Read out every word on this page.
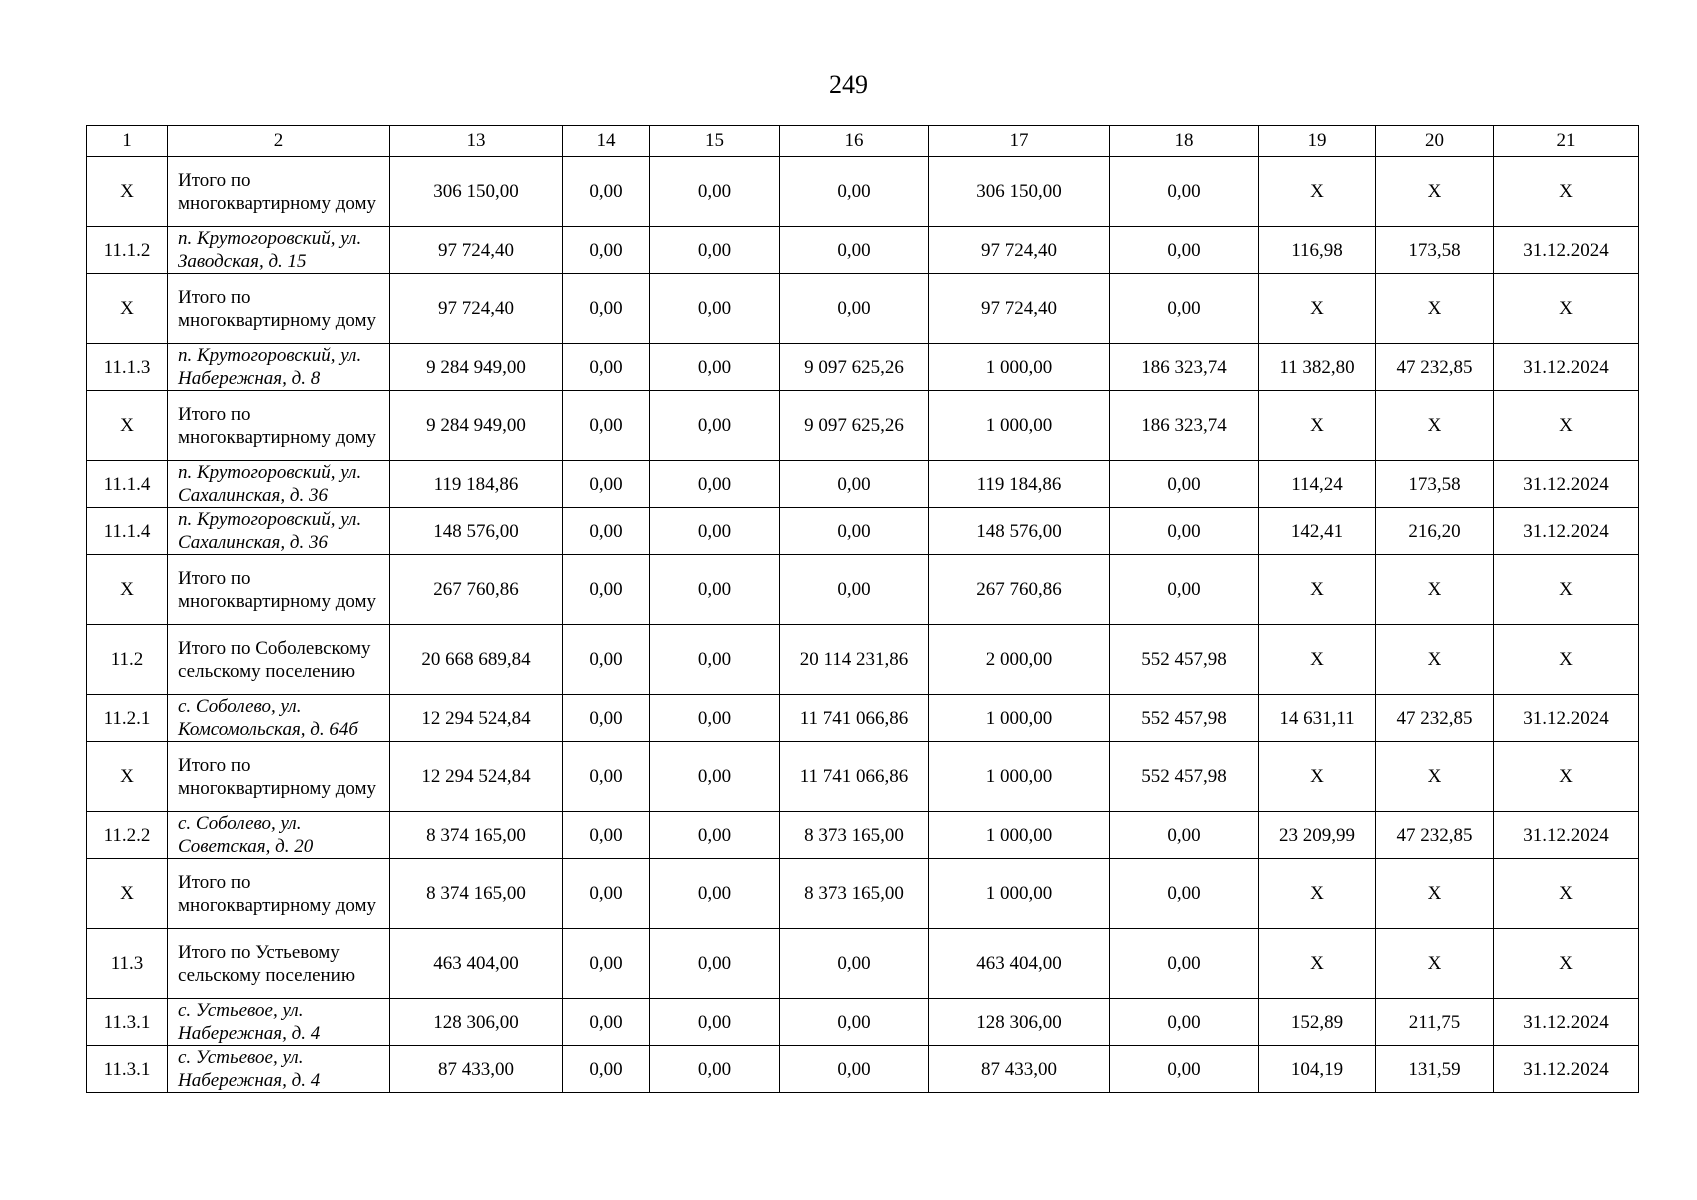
249
1	2	13	14	15	16	17	18	19	20	21
Х	Итого по многоквартирному дому	306 150,00	0,00	0,00	0,00	306 150,00	0,00	Х	Х	Х
11.1.2	п. Крутогоровский, ул. Заводская, д. 15	97 724,40	0,00	0,00	0,00	97 724,40	0,00	116,98	173,58	31.12.2024
Х	Итого по многоквартирному дому	97 724,40	0,00	0,00	0,00	97 724,40	0,00	Х	Х	Х
11.1.3	п. Крутогоровский, ул. Набережная, д. 8	9 284 949,00	0,00	0,00	9 097 625,26	1 000,00	186 323,74	11 382,80	47 232,85	31.12.2024
Х	Итого по многоквартирному дому	9 284 949,00	0,00	0,00	9 097 625,26	1 000,00	186 323,74	Х	Х	Х
11.1.4	п. Крутогоровский, ул. Сахалинская, д. 36	119 184,86	0,00	0,00	0,00	119 184,86	0,00	114,24	173,58	31.12.2024
11.1.4	п. Крутогоровский, ул. Сахалинская, д. 36	148 576,00	0,00	0,00	0,00	148 576,00	0,00	142,41	216,20	31.12.2024
Х	Итого по многоквартирному дому	267 760,86	0,00	0,00	0,00	267 760,86	0,00	Х	Х	Х
11.2	Итого по Соболевскому сельскому поселению	20 668 689,84	0,00	0,00	20 114 231,86	2 000,00	552 457,98	Х	Х	Х
11.2.1	с. Соболево, ул. Комсомольская, д. 64б	12 294 524,84	0,00	0,00	11 741 066,86	1 000,00	552 457,98	14 631,11	47 232,85	31.12.2024
Х	Итого по многоквартирному дому	12 294 524,84	0,00	0,00	11 741 066,86	1 000,00	552 457,98	Х	Х	Х
11.2.2	с. Соболево, ул. Советская, д. 20	8 374 165,00	0,00	0,00	8 373 165,00	1 000,00	0,00	23 209,99	47 232,85	31.12.2024
Х	Итого по многоквартирному дому	8 374 165,00	0,00	0,00	8 373 165,00	1 000,00	0,00	Х	Х	Х
11.3	Итого по Устьевому сельскому поселению	463 404,00	0,00	0,00	0,00	463 404,00	0,00	Х	Х	Х
11.3.1	с. Устьевое, ул. Набережная, д. 4	128 306,00	0,00	0,00	0,00	128 306,00	0,00	152,89	211,75	31.12.2024
11.3.1	с. Устьевое, ул. Набережная, д. 4	87 433,00	0,00	0,00	0,00	87 433,00	0,00	104,19	131,59	31.12.2024
